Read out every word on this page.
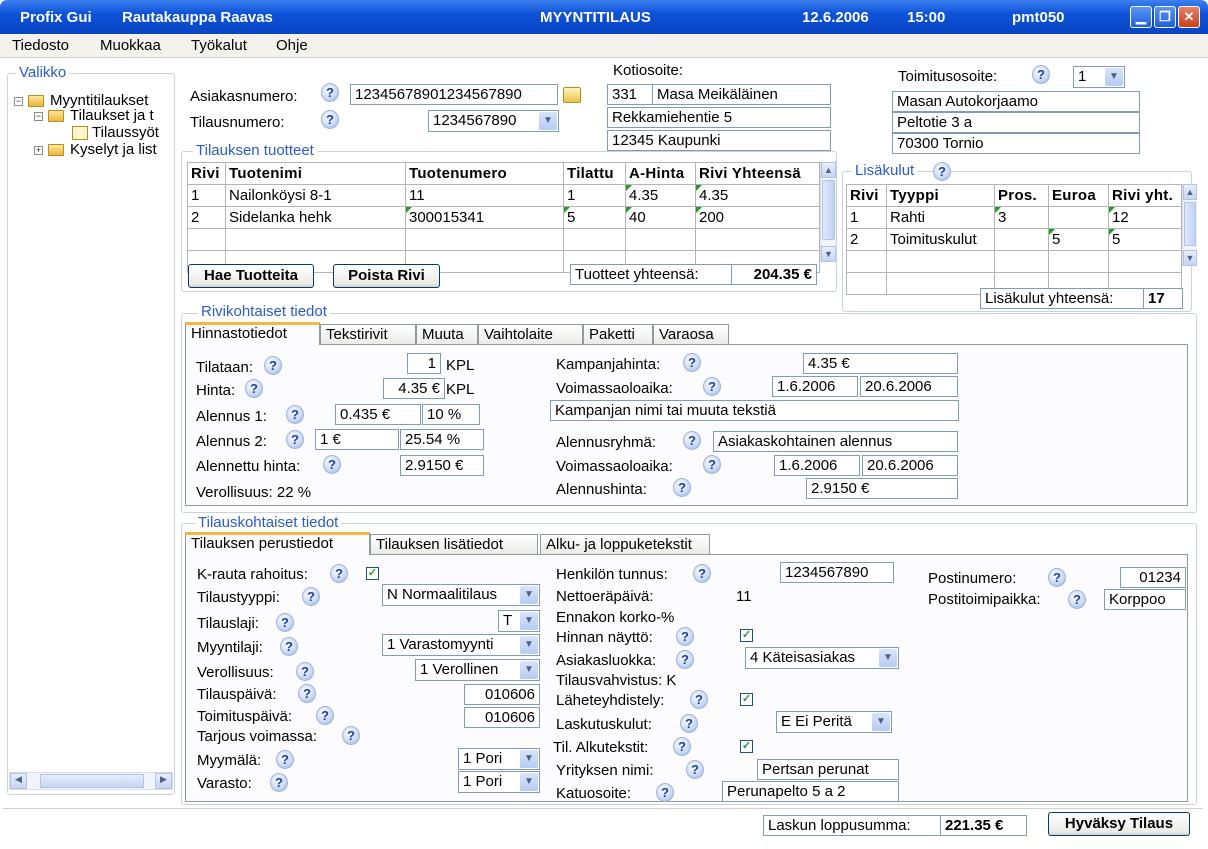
Profix Gui Rautakauppa Raavas	MYYNTITILAUS	12.6.2006	15:00	pmt050	▁	❐ ✕
Tiedosto Muokkaa Työkalut Ohje
Valikko
− Myyntitilaukset
− Tilaukset ja t
Tilaussyöt
+ Kyselyt ja list
◀	▶
Asiakasnumero:	?	12345678901234567890
Tilausnumero:	?	1234567890	▼
Kotiosoite:
331	Masa Meikäläinen
Rekkamiehentie 5
12345 Kaupunki
Toimitusosoite:	?	1	▼
Masan Autokorjaamo
Peltotie 3 a
70300 Tornio
Tilauksen tuotteet
Rivi	Tuotenimi	Tuotenumero	Tilattu	A-Hinta	Rivi Yhteensä
1	Nailonköysi 8-1	11	1	4.35	4.35
2	Sidelanka hehk	300015341	5	40	200

▲
▼
Hae Tuotteita	Poista Rivi	Tuotteet yhteensä:	204.35 €
Lisäkulut	?
Rivi	Tyyppi	Pros.	Euroa	Rivi yht.
1	Rahti	3		12
2	Toimituskulut		5	5

▲
▼
Lisäkulut yhteensä:	17
Rivikohtaiset tiedot
Hinnastotiedot	Tekstirivit	Muuta	Vaihtolaite	Paketti	Varaosa
Tilataan:	?	1 KPL
Hinta:	?	4.35 € KPL
Alennus 1:	?	0.435 €	10 %
Alennus 2:	?	1 €	25.54 %
Alennettu hinta:	?	2.9150 €
Verollisuus: 22 %
Kampanjahinta:	?	4.35 €
Voimassaoloaika:	?	1.6.2006	20.6.2006
Kampanjan nimi tai muuta tekstiä
Alennusryhmä:	?	Asiakaskohtainen alennus
Voimassaoloaika:	?	1.6.2006	20.6.2006
Alennushinta:	?	2.9150 €
Tilauskohtaiset tiedot
Tilauksen perustiedot	Tilauksen lisätiedot	Alku- ja loppuketekstit
K-rauta rahoitus:	?	✓
Tilaustyyppi:	?	N Normaalitilaus	▼
Tilauslaji:	?	T	▼
Myyntilaji:	?	1 Varastomyynti	▼
Verollisuus:	?	1 Verollinen	▼
Tilauspäivä:	?	010606
Toimituspäivä:	?	010606
Tarjous voimassa:	?
Myymälä:	?	1 Pori	▼
Varasto:	?	1 Pori	▼
Henkilön tunnus:	?	1234567890
Nettoeräpäivä:	11
Ennakon korko-%
Hinnan näyttö:	?	✓
Asiakasluokka:	?	4 Käteisasiakas	▼
Tilausvahvistus: K
Läheteyhdistely:	?	✓
Laskutuskulut:	?	E Ei Peritä	▼
Til. Alkutekstit:	?	✓
Yrityksen nimi:	?	Pertsan perunat
Katuosoite:	?	Perunapelto 5 a 2
Postinumero:	?	01234
Postitoimipaikka:	?	Korppoo
Laskun loppusumma:	221.35 €	Hyväksy Tilaus
